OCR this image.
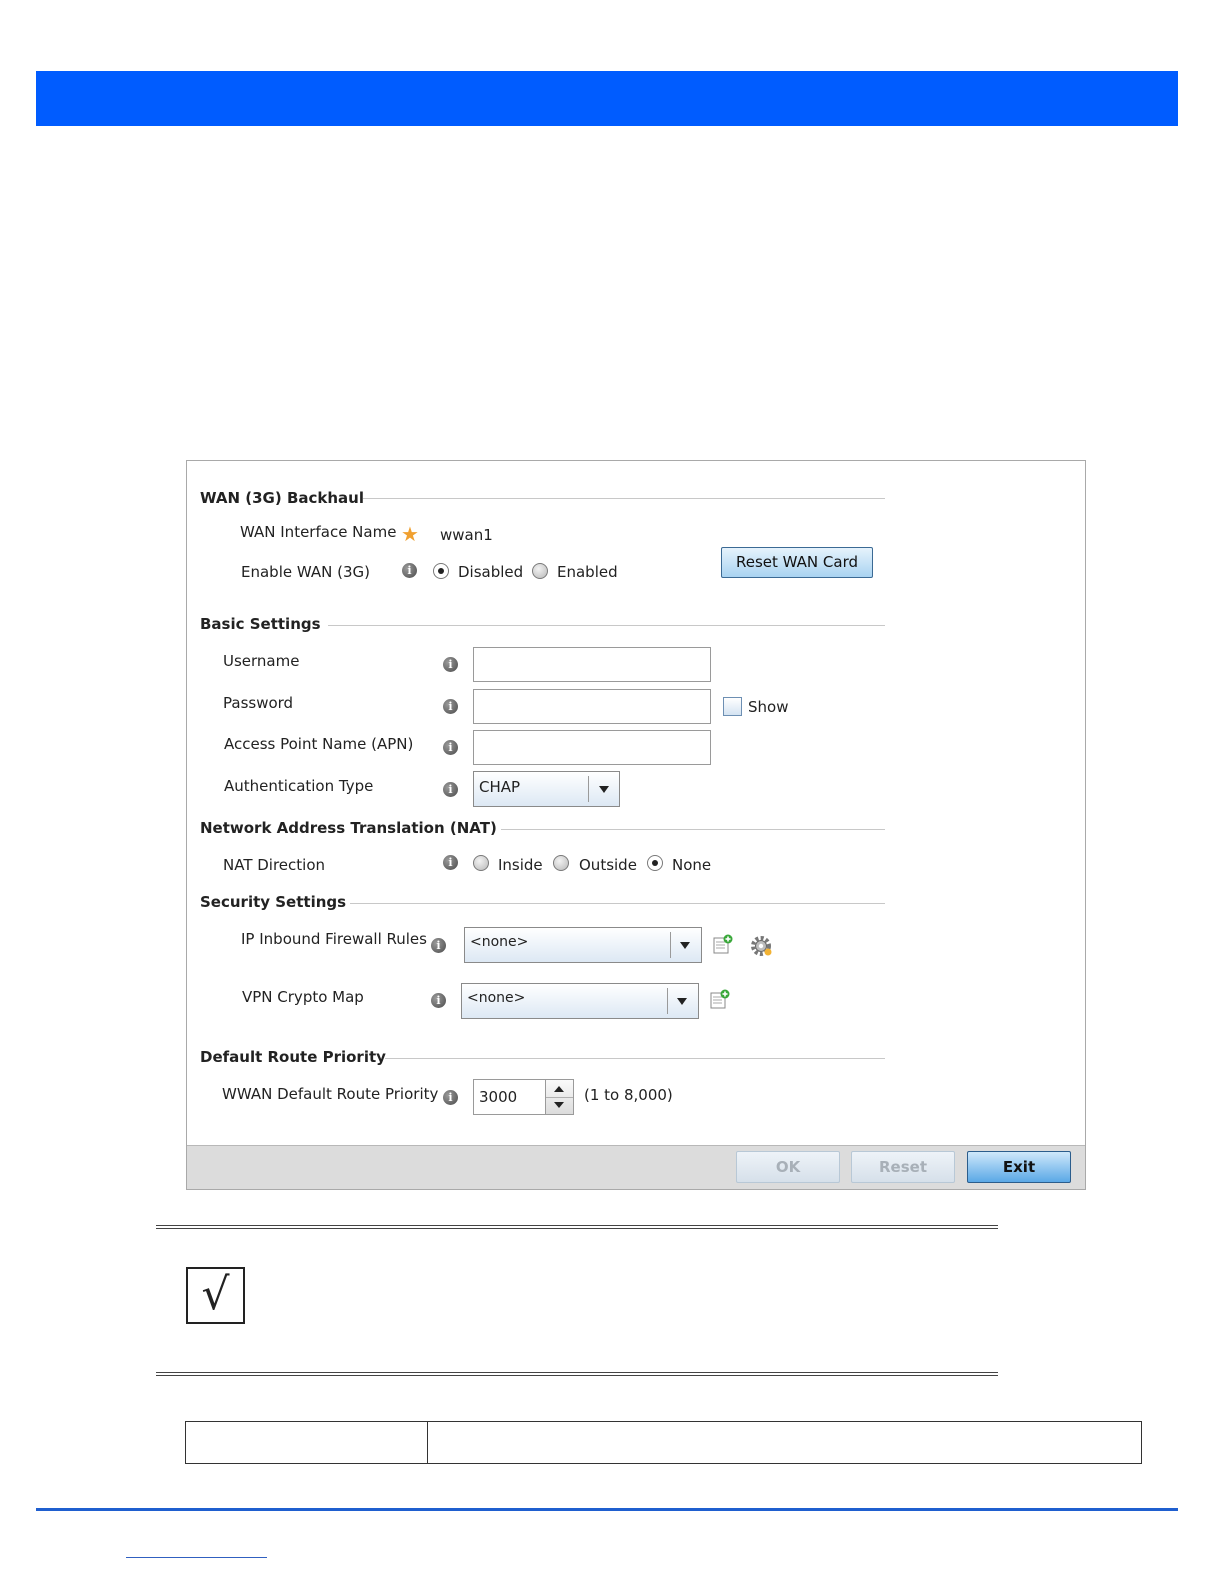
WAN (3G) Backhaul
WAN Interface Name ★ wwan1
Enable WAN (3G)	i	Disabled Enabled
Reset WAN Card
Basic Settings
Username	i
Password	i	Show
Access Point Name (APN)	i
Authentication Type	i	CHAP
Network Address Translation (NAT)
NAT Direction	i	Inside Outside None
Security Settings
IP Inbound Firewall Rules i	<none>
VPN Crypto Map	i	<none>
Default Route Priority
WWAN Default Route Priority i	3000	(1 to 8,000)
OK	Reset	Exit
√
